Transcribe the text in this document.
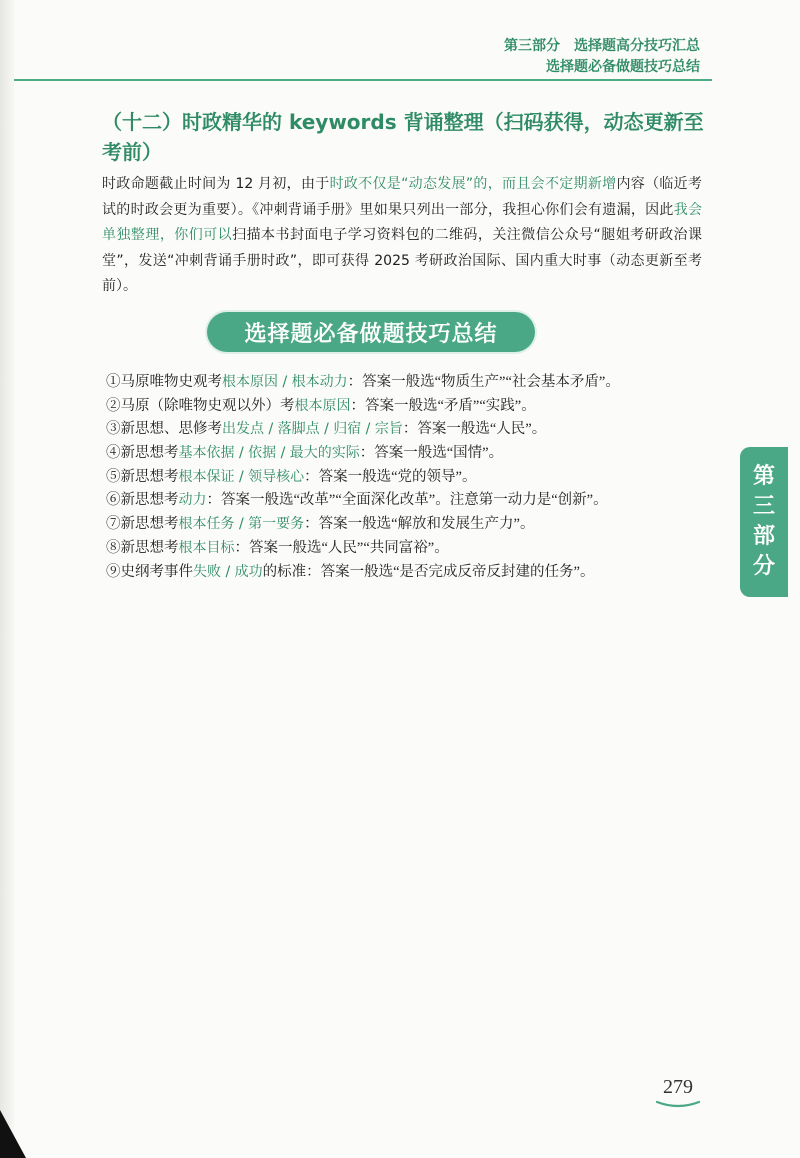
第三部分 选择题高分技巧汇总
选择题必备做题技巧总结
（十二）时政精华的 keywords 背诵整理（扫码获得，动态更新至考前）
时政命题截止时间为 12 月初，由于时政不仅是“动态发展”的，而且会不定期新增内容（临近考试的时政会更为重要）。《冲刺背诵手册》里如果只列出一部分，我担心你们会有遗漏，因此我会单独整理，你们可以扫描本书封面电子学习资料包的二维码，关注微信公众号“腿姐考研政治课堂”，发送“冲刺背诵手册时政”，即可获得 2025 考研政治国际、国内重大时事（动态更新至考前）。
选择题必备做题技巧总结
①马原唯物史观考根本原因 / 根本动力：答案一般选“物质生产”“社会基本矛盾”。
②马原（除唯物史观以外）考根本原因：答案一般选“矛盾”“实践”。
③新思想、思修考出发点 / 落脚点 / 归宿 / 宗旨：答案一般选“人民”。
④新思想考基本依据 / 依据 / 最大的实际：答案一般选“国情”。
⑤新思想考根本保证 / 领导核心：答案一般选“党的领导”。
⑥新思想考动力：答案一般选“改革”“全面深化改革”。注意第一动力是“创新”。
⑦新思想考根本任务 / 第一要务：答案一般选“解放和发展生产力”。
⑧新思想考根本目标：答案一般选“人民”“共同富裕”。
⑨史纲考事件失败 / 成功的标准：答案一般选“是否完成反帝反封建的任务”。
第
三
部
分
279
